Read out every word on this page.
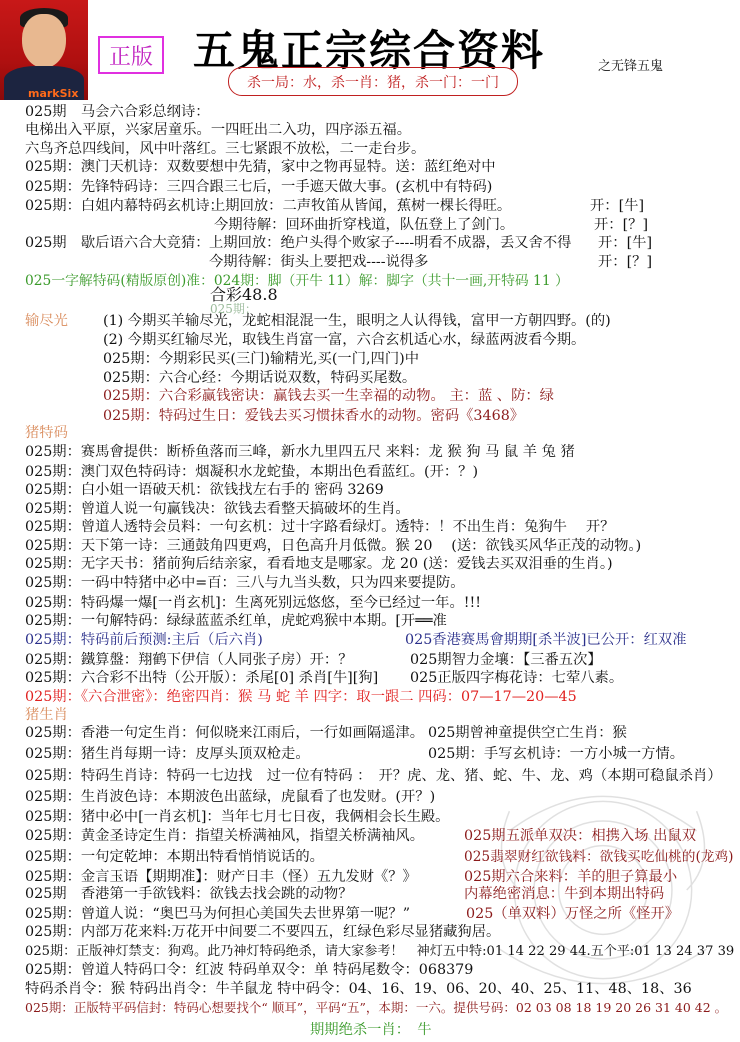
markSix
正版 五鬼正宗综合资料
杀一局：水，杀一肖：猪，杀一门：一门
之无锋五鬼
025期　马会六合彩总纲诗：
电梯出入平原，兴家居童乐。一四旺出二入功，四序添五福。
六鸟齐总四线间，风中叶落红。三七紧跟不放松，二一走台步。
025期：澳门天机诗：双数要想中先猜，家中之物再显特。送：蓝红绝对中
025期：先锋特码诗：三四合跟三七后，一手遮天做大事。(玄机中有特码)
025期：白姐内幕特码玄机诗：
上期回放：二声牧笛从皆闻，蕉树一棵长得旺。	开：[牛]
今期待解：回环曲折穿栈道，队伍登上了剑门。	开：[？]
025期　歇后语六合大竞猜： 上期回放：绝户头得个败家子----明看不成器，丢又舍不得 开：[牛]
今期待解：街头上要把戏----说得多	开：[？]
025一字解特码(精版原创)准：024期：脚（开牛 11）解：脚字（共十一画,开特码 11 ）
合彩48.8
025期：
输尽光 (1) 今期买羊输尽光，龙蛇相混混一生，眼明之人认得钱，富甲一方朝四野。(的)
(2) 今期买红输尽光，取钱生肖富一富，六合玄机适心水，绿蓝两波看今期。
025期：今期彩民买(三门)输精光,买(一门,四门)中
025期：六合心经：今期话说双数，特码买尾数。
025期：六合彩赢钱密诀：赢钱去买一生幸福的动物。 主：蓝 、防：绿
025期：特码过生日：爱钱去买习惯抹香水的动物。密码《3468》
猪特码
025期：赛馬會提供：断桥鱼落而三峰，新水九里四五尺 来料：龙 猴 狗 马 鼠 羊 兔 猪
025期：澳门双色特码诗：烟凝积水龙蛇蛰，本期出色看蓝红。(开：？)
025期：白小姐一语破天机：欲钱找左右手的 密码 3269
025期：曾道人说一句赢钱决：欲钱去看整天搞破坏的生肖。
025期：曾道人透特会员料：一句玄机：过十字路看绿灯。透特：！不出生肖：兔狗牛　 开？
025期：天下第一诗：三通鼓角四更鸡，日色高升月低微。猴 20　 (送：欲钱买风华正茂的动物。)
025期：无字天书：猪前狗后结亲家，看看地支是哪家。龙 20 (送：爱钱去买双泪垂的生肖。)
025期：一码中特猪中必中=百：三八与九当头数，只为四来要提防。
025期：特码爆一爆[一肖玄机]：生离死别远悠悠，至今已经过一年。!!!
025期：一句解特码：绿绿蓝蓝杀红单，虎蛇鸡猴中本期。[开══准
025期：特码前后预测:主后（后六肖)	025香港赛馬會期期[杀半波]已公开：红双准
025期：鐵算盤：翔鹤下伊信（人同张子房）开：？	025期智力金壤：【三番五次】
025期：六合彩不出特（公开版）：杀尾[0] 杀肖[牛][狗] 025正版四字梅花诗：七荤八素。
025期：《六合泄密》：绝密四肖：猴 马 蛇 羊 四字：取一跟二 四码：07—17—20—45
猪生肖
025期：香港一句定生肖：何似晓来江雨后，一行如画隔遥津。 025期曾神童提供空亡生肖：猴
025期：猪生肖每期一诗：皮厚头顶双枪走。	025期：手写玄机诗：一方小城一方情。
025期：特码生肖诗：特码一七边找　过一位有特码 ：　开？虎、龙、猪、蛇、牛、龙、鸡（本期可稳鼠杀肖）
025期：生肖波色诗：本期波色出蓝绿，虎鼠看了也发财。(开？)
025期：猪中必中[一肖玄机]：当年七月七日夜，我俩相会长生殿。
025期：黄金圣诗定生肖：指望关桥满袖风，指望关桥满袖风。	025期五派单双决：相携入场 出鼠双
025期：一句定乾坤：本期出特看悄悄说话的。	025翡翠财红欲钱料：欲钱买吃仙桃的(龙鸡)
025期：金言玉语【期期准】：财产日丰（怪）五九发财《？》	025期六合来料：羊的胆子算最小
025期　香港第一手欲钱料：欲钱去找会跳的动物？	内幕绝密消息：牛到本期出特码
025期：曾道人说：“奥巴马为何担心美国失去世界第一呢？”	025（单双料）万怪之所《怪开》
025期：内部万花来料:万花开中间要二不要四五，红绿色彩尽显猪藏狗居。
025期：正版神灯禁支：狗鸡。此乃神灯特码绝杀，请大家参考！　神灯五中特:01 14 22 29 44.五个平:01 13 24 37 39
025期：曾道人特码口令：红波 特码单双令：单 特码尾数令：068379
特码杀肖令：猴 特码出肖令：牛羊鼠龙 特中码令：04、16、19、06、20、40、25、11、48、18、36
025期：正版特平码信封：特码心想要找个“ 顺耳”，平码“五”，本期：一六。提供号码：02 03 08 18 19 20 26 31 40 42 。
期期绝杀一肖：　牛
